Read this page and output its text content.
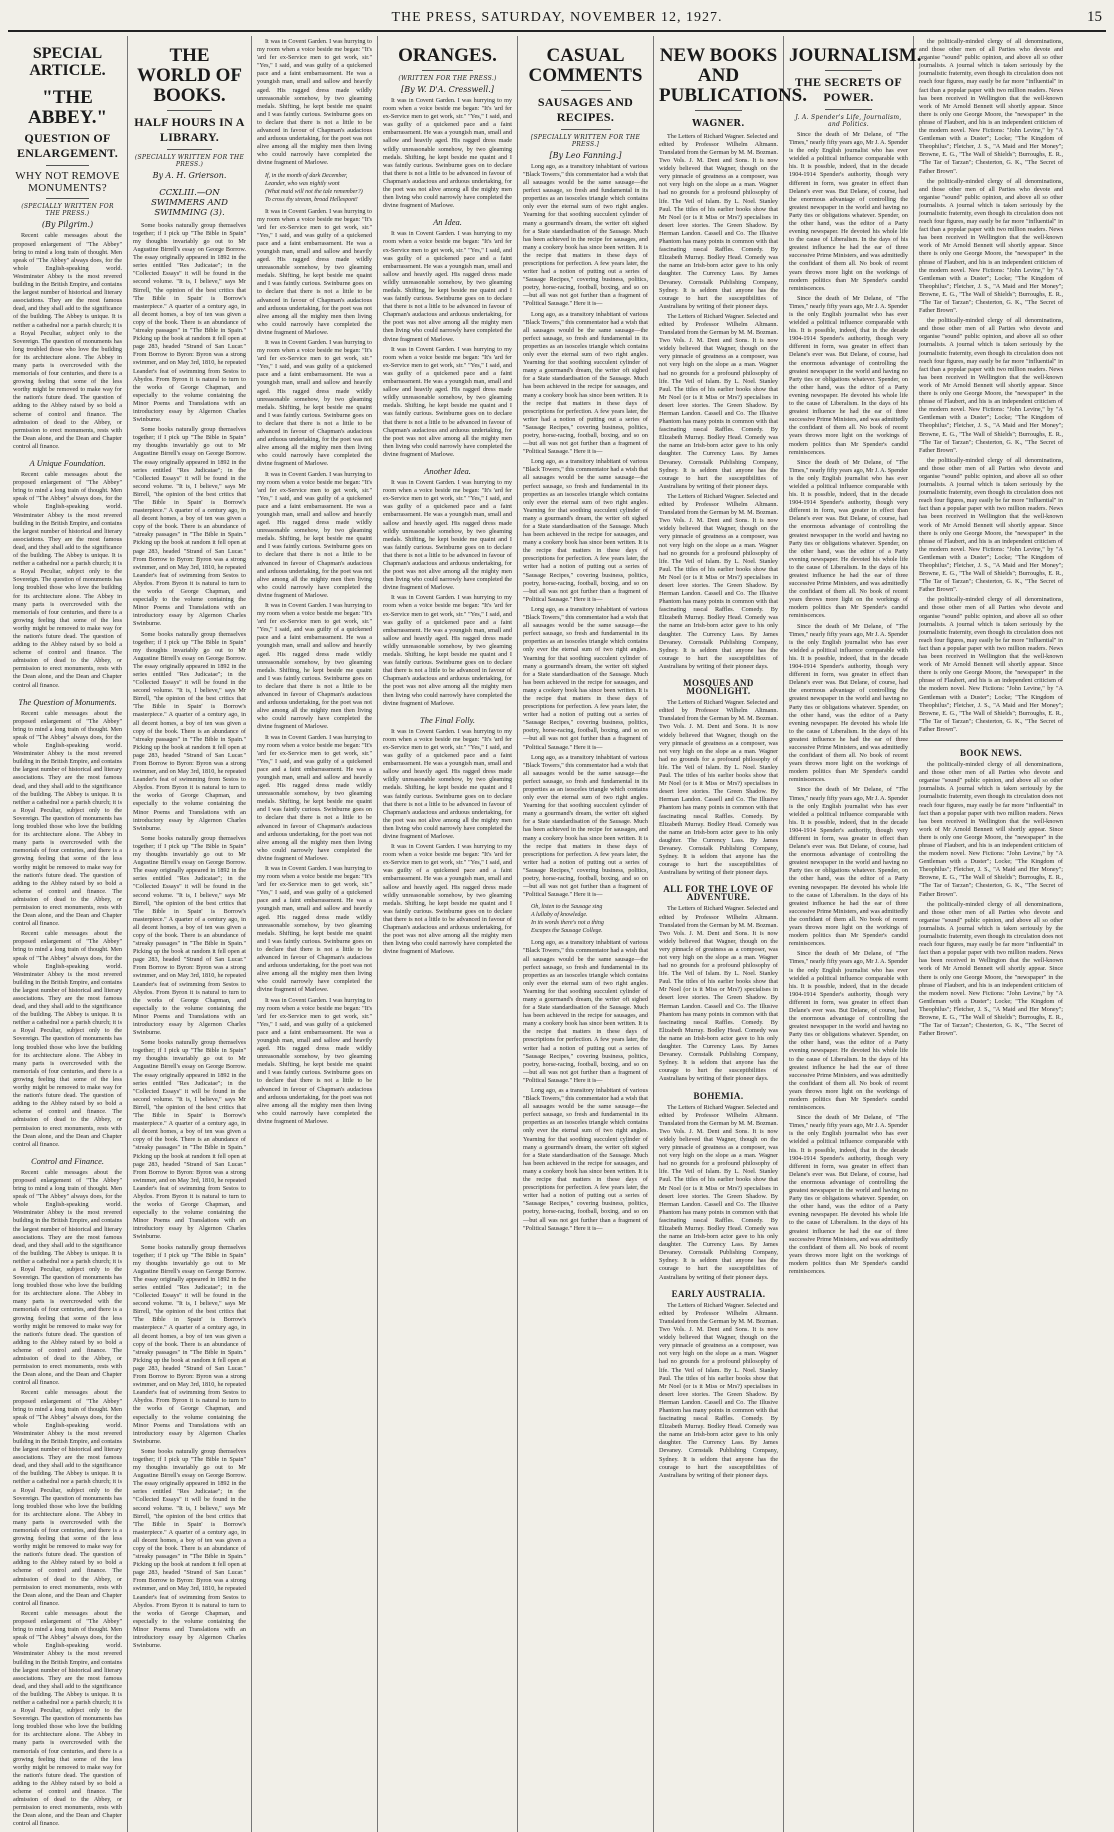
THE PRESS, SATURDAY, NOVEMBER 12, 1927.	15
SPECIAL ARTICLE.
"THE ABBEY."
QUESTION OF ENLARGEMENT.
WHY NOT REMOVE MONUMENTS?
(SPECIALLY WRITTEN FOR THE PRESS.)
(By Pilgrim.)

Recent cable messages about the proposed enlargement of "The Abbey" bring to mind a long train of thought. Men speak of "The Abbey" always does, for the whole English-speaking world. Westminster Abbey is the most revered building in the British Empire, and contains the largest number of historical and literary associations. They are the most famous dead, and they shall add to the significance of the building. The Abbey is unique. It is neither a cathedral nor a parish church; it is a Royal Peculiar, subject only to the Sovereign. The question of monuments has long troubled those who love the building for its architecture alone. The Abbey in many parts is overcrowded with the memorials of four centuries, and there is a growing feeling that some of the less worthy might be removed to make way for the nation's future dead. The question of adding to the Abbey raised by so bold a scheme of control and finance. The admission of dead to the Abbey, or permission to erect monuments, rests with the Dean alone, and the Dean and Chapter control all finance.

A Unique Foundation.

Recent cable messages about the proposed enlargement of "The Abbey" bring to mind a long train of thought. Men speak of "The Abbey" always does, for the whole English-speaking world. Westminster Abbey is the most revered building in the British Empire, and contains the largest number of historical and literary associations. They are the most famous dead, and they shall add to the significance of the building. The Abbey is unique. It is neither a cathedral nor a parish church; it is a Royal Peculiar, subject only to the Sovereign. The question of monuments has long troubled those who love the building for its architecture alone. The Abbey in many parts is overcrowded with the memorials of four centuries, and there is a growing feeling that some of the less worthy might be removed to make way for the nation's future dead. The question of adding to the Abbey raised by so bold a scheme of control and finance. The admission of dead to the Abbey, or permission to erect monuments, rests with the Dean alone, and the Dean and Chapter control all finance.

The Question of Monuments.

Recent cable messages about the proposed enlargement of "The Abbey" bring to mind a long train of thought. Men speak of "The Abbey" always does, for the whole English-speaking world. Westminster Abbey is the most revered building in the British Empire, and contains the largest number of historical and literary associations. They are the most famous dead, and they shall add to the significance of the building. The Abbey is unique. It is neither a cathedral nor a parish church; it is a Royal Peculiar, subject only to the Sovereign. The question of monuments has long troubled those who love the building for its architecture alone. The Abbey in many parts is overcrowded with the memorials of four centuries, and there is a growing feeling that some of the less worthy might be removed to make way for the nation's future dead. The question of adding to the Abbey raised by so bold a scheme of control and finance. The admission of dead to the Abbey, or permission to erect monuments, rests with the Dean alone, and the Dean and Chapter control all finance.

Recent cable messages about the proposed enlargement of "The Abbey" bring to mind a long train of thought. Men speak of "The Abbey" always does, for the whole English-speaking world. Westminster Abbey is the most revered building in the British Empire, and contains the largest number of historical and literary associations. They are the most famous dead, and they shall add to the significance of the building. The Abbey is unique. It is neither a cathedral nor a parish church; it is a Royal Peculiar, subject only to the Sovereign. The question of monuments has long troubled those who love the building for its architecture alone. The Abbey in many parts is overcrowded with the memorials of four centuries, and there is a growing feeling that some of the less worthy might be removed to make way for the nation's future dead. The question of adding to the Abbey raised by so bold a scheme of control and finance. The admission of dead to the Abbey, or permission to erect monuments, rests with the Dean alone, and the Dean and Chapter control all finance.

Control and Finance.

Recent cable messages about the proposed enlargement of "The Abbey" bring to mind a long train of thought. Men speak of "The Abbey" always does, for the whole English-speaking world. Westminster Abbey is the most revered building in the British Empire, and contains the largest number of historical and literary associations. They are the most famous dead, and they shall add to the significance of the building. The Abbey is unique. It is neither a cathedral nor a parish church; it is a Royal Peculiar, subject only to the Sovereign. The question of monuments has long troubled those who love the building for its architecture alone. The Abbey in many parts is overcrowded with the memorials of four centuries, and there is a growing feeling that some of the less worthy might be removed to make way for the nation's future dead. The question of adding to the Abbey raised by so bold a scheme of control and finance. The admission of dead to the Abbey, or permission to erect monuments, rests with the Dean alone, and the Dean and Chapter control all finance.

Recent cable messages about the proposed enlargement of "The Abbey" bring to mind a long train of thought. Men speak of "The Abbey" always does, for the whole English-speaking world. Westminster Abbey is the most revered building in the British Empire, and contains the largest number of historical and literary associations. They are the most famous dead, and they shall add to the significance of the building. The Abbey is unique. It is neither a cathedral nor a parish church; it is a Royal Peculiar, subject only to the Sovereign. The question of monuments has long troubled those who love the building for its architecture alone. The Abbey in many parts is overcrowded with the memorials of four centuries, and there is a growing feeling that some of the less worthy might be removed to make way for the nation's future dead. The question of adding to the Abbey raised by so bold a scheme of control and finance. The admission of dead to the Abbey, or permission to erect monuments, rests with the Dean alone, and the Dean and Chapter control all finance.

Recent cable messages about the proposed enlargement of "The Abbey" bring to mind a long train of thought. Men speak of "The Abbey" always does, for the whole English-speaking world. Westminster Abbey is the most revered building in the British Empire, and contains the largest number of historical and literary associations. They are the most famous dead, and they shall add to the significance of the building. The Abbey is unique. It is neither a cathedral nor a parish church; it is a Royal Peculiar, subject only to the Sovereign. The question of monuments has long troubled those who love the building for its architecture alone. The Abbey in many parts is overcrowded with the memorials of four centuries, and there is a growing feeling that some of the less worthy might be removed to make way for the nation's future dead. The question of adding to the Abbey raised by so bold a scheme of control and finance. The admission of dead to the Abbey, or permission to erect monuments, rests with the Dean alone, and the Dean and Chapter control all finance.

THE WORLD OF BOOKS.
HALF HOURS IN A LIBRARY.
(SPECIALLY WRITTEN FOR THE PRESS.)
By A. H. Grierson.
CCXLIII.—ON SWIMMERS AND SWIMMING (3).

Some books naturally group themselves together; if I pick up "The Bible in Spain" my thoughts invariably go out to Mr Augustine Birrell's essay on George Borrow. The essay originally appeared in 1892 in the series entitled "Res Judicatae"; in the "Collected Essays" it will be found in the second volume. "It is, I believe," says Mr Birrell, "the opinion of the best critics that 'The Bible in Spain' is Borrow's masterpiece." A quarter of a century ago, in all decent homes, a boy of ten was given a copy of the book. There is an abundance of "streaky passages" in "The Bible in Spain." Picking up the book at random it fell open at page 283, headed "Strand of San Lucar." From Borrow to Byron: Byron was a strong swimmer, and on May 3rd, 1810, he repeated Leander's feat of swimming from Sestos to Abydos. From Byron it is natural to turn to the works of George Chapman, and especially to the volume containing the Minor Poems and Translations with an introductory essay by Algernon Charles Swinburne.

Some books naturally group themselves together; if I pick up "The Bible in Spain" my thoughts invariably go out to Mr Augustine Birrell's essay on George Borrow. The essay originally appeared in 1892 in the series entitled "Res Judicatae"; in the "Collected Essays" it will be found in the second volume. "It is, I believe," says Mr Birrell, "the opinion of the best critics that 'The Bible in Spain' is Borrow's masterpiece." A quarter of a century ago, in all decent homes, a boy of ten was given a copy of the book. There is an abundance of "streaky passages" in "The Bible in Spain." Picking up the book at random it fell open at page 283, headed "Strand of San Lucar." From Borrow to Byron: Byron was a strong swimmer, and on May 3rd, 1810, he repeated Leander's feat of swimming from Sestos to Abydos. From Byron it is natural to turn to the works of George Chapman, and especially to the volume containing the Minor Poems and Translations with an introductory essay by Algernon Charles Swinburne.

Some books naturally group themselves together; if I pick up "The Bible in Spain" my thoughts invariably go out to Mr Augustine Birrell's essay on George Borrow. The essay originally appeared in 1892 in the series entitled "Res Judicatae"; in the "Collected Essays" it will be found in the second volume. "It is, I believe," says Mr Birrell, "the opinion of the best critics that 'The Bible in Spain' is Borrow's masterpiece." A quarter of a century ago, in all decent homes, a boy of ten was given a copy of the book. There is an abundance of "streaky passages" in "The Bible in Spain." Picking up the book at random it fell open at page 283, headed "Strand of San Lucar." From Borrow to Byron: Byron was a strong swimmer, and on May 3rd, 1810, he repeated Leander's feat of swimming from Sestos to Abydos. From Byron it is natural to turn to the works of George Chapman, and especially to the volume containing the Minor Poems and Translations with an introductory essay by Algernon Charles Swinburne.

Some books naturally group themselves together; if I pick up "The Bible in Spain" my thoughts invariably go out to Mr Augustine Birrell's essay on George Borrow. The essay originally appeared in 1892 in the series entitled "Res Judicatae"; in the "Collected Essays" it will be found in the second volume. "It is, I believe," says Mr Birrell, "the opinion of the best critics that 'The Bible in Spain' is Borrow's masterpiece." A quarter of a century ago, in all decent homes, a boy of ten was given a copy of the book. There is an abundance of "streaky passages" in "The Bible in Spain." Picking up the book at random it fell open at page 283, headed "Strand of San Lucar." From Borrow to Byron: Byron was a strong swimmer, and on May 3rd, 1810, he repeated Leander's feat of swimming from Sestos to Abydos. From Byron it is natural to turn to the works of George Chapman, and especially to the volume containing the Minor Poems and Translations with an introductory essay by Algernon Charles Swinburne.

Some books naturally group themselves together; if I pick up "The Bible in Spain" my thoughts invariably go out to Mr Augustine Birrell's essay on George Borrow. The essay originally appeared in 1892 in the series entitled "Res Judicatae"; in the "Collected Essays" it will be found in the second volume. "It is, I believe," says Mr Birrell, "the opinion of the best critics that 'The Bible in Spain' is Borrow's masterpiece." A quarter of a century ago, in all decent homes, a boy of ten was given a copy of the book. There is an abundance of "streaky passages" in "The Bible in Spain." Picking up the book at random it fell open at page 283, headed "Strand of San Lucar." From Borrow to Byron: Byron was a strong swimmer, and on May 3rd, 1810, he repeated Leander's feat of swimming from Sestos to Abydos. From Byron it is natural to turn to the works of George Chapman, and especially to the volume containing the Minor Poems and Translations with an introductory essay by Algernon Charles Swinburne.

Some books naturally group themselves together; if I pick up "The Bible in Spain" my thoughts invariably go out to Mr Augustine Birrell's essay on George Borrow. The essay originally appeared in 1892 in the series entitled "Res Judicatae"; in the "Collected Essays" it will be found in the second volume. "It is, I believe," says Mr Birrell, "the opinion of the best critics that 'The Bible in Spain' is Borrow's masterpiece." A quarter of a century ago, in all decent homes, a boy of ten was given a copy of the book. There is an abundance of "streaky passages" in "The Bible in Spain." Picking up the book at random it fell open at page 283, headed "Strand of San Lucar." From Borrow to Byron: Byron was a strong swimmer, and on May 3rd, 1810, he repeated Leander's feat of swimming from Sestos to Abydos. From Byron it is natural to turn to the works of George Chapman, and especially to the volume containing the Minor Poems and Translations with an introductory essay by Algernon Charles Swinburne.

Some books naturally group themselves together; if I pick up "The Bible in Spain" my thoughts invariably go out to Mr Augustine Birrell's essay on George Borrow. The essay originally appeared in 1892 in the series entitled "Res Judicatae"; in the "Collected Essays" it will be found in the second volume. "It is, I believe," says Mr Birrell, "the opinion of the best critics that 'The Bible in Spain' is Borrow's masterpiece." A quarter of a century ago, in all decent homes, a boy of ten was given a copy of the book. There is an abundance of "streaky passages" in "The Bible in Spain." Picking up the book at random it fell open at page 283, headed "Strand of San Lucar." From Borrow to Byron: Byron was a strong swimmer, and on May 3rd, 1810, he repeated Leander's feat of swimming from Sestos to Abydos. From Byron it is natural to turn to the works of George Chapman, and especially to the volume containing the Minor Poems and Translations with an introductory essay by Algernon Charles Swinburne.

It was in Covent Garden. I was hurrying to my room when a voice beside me began: "It's 'ard fer ex-Service men to get work, sir." "Yes," I said, and was guilty of a quickened pace and a faint embarrassment. He was a youngish man, small and sallow and heavily aged. His ragged dress made wildly unreasonable somehow, by two gleaming medals. Shifting, he kept beside me quaint and I was faintly curious. Swinburne goes on to declare that there is not a little to be advanced in favour of Chapman's audacious and arduous undertaking, for the poet was not alive among all the mighty men then living who could narrowly have completed the divine fragment of Marlowe.

If, in the month of dark December,
Leander, who was nightly wont
(What maid will not the tale remember?)
To cross thy stream, broad Hellespont!

It was in Covent Garden. I was hurrying to my room when a voice beside me began: "It's 'ard fer ex-Service men to get work, sir." "Yes," I said, and was guilty of a quickened pace and a faint embarrassment. He was a youngish man, small and sallow and heavily aged. His ragged dress made wildly unreasonable somehow, by two gleaming medals. Shifting, he kept beside me quaint and I was faintly curious. Swinburne goes on to declare that there is not a little to be advanced in favour of Chapman's audacious and arduous undertaking, for the poet was not alive among all the mighty men then living who could narrowly have completed the divine fragment of Marlowe.

It was in Covent Garden. I was hurrying to my room when a voice beside me began: "It's 'ard fer ex-Service men to get work, sir." "Yes," I said, and was guilty of a quickened pace and a faint embarrassment. He was a youngish man, small and sallow and heavily aged. His ragged dress made wildly unreasonable somehow, by two gleaming medals. Shifting, he kept beside me quaint and I was faintly curious. Swinburne goes on to declare that there is not a little to be advanced in favour of Chapman's audacious and arduous undertaking, for the poet was not alive among all the mighty men then living who could narrowly have completed the divine fragment of Marlowe.

It was in Covent Garden. I was hurrying to my room when a voice beside me began: "It's 'ard fer ex-Service men to get work, sir." "Yes," I said, and was guilty of a quickened pace and a faint embarrassment. He was a youngish man, small and sallow and heavily aged. His ragged dress made wildly unreasonable somehow, by two gleaming medals. Shifting, he kept beside me quaint and I was faintly curious. Swinburne goes on to declare that there is not a little to be advanced in favour of Chapman's audacious and arduous undertaking, for the poet was not alive among all the mighty men then living who could narrowly have completed the divine fragment of Marlowe.

It was in Covent Garden. I was hurrying to my room when a voice beside me began: "It's 'ard fer ex-Service men to get work, sir." "Yes," I said, and was guilty of a quickened pace and a faint embarrassment. He was a youngish man, small and sallow and heavily aged. His ragged dress made wildly unreasonable somehow, by two gleaming medals. Shifting, he kept beside me quaint and I was faintly curious. Swinburne goes on to declare that there is not a little to be advanced in favour of Chapman's audacious and arduous undertaking, for the poet was not alive among all the mighty men then living who could narrowly have completed the divine fragment of Marlowe.

It was in Covent Garden. I was hurrying to my room when a voice beside me began: "It's 'ard fer ex-Service men to get work, sir." "Yes," I said, and was guilty of a quickened pace and a faint embarrassment. He was a youngish man, small and sallow and heavily aged. His ragged dress made wildly unreasonable somehow, by two gleaming medals. Shifting, he kept beside me quaint and I was faintly curious. Swinburne goes on to declare that there is not a little to be advanced in favour of Chapman's audacious and arduous undertaking, for the poet was not alive among all the mighty men then living who could narrowly have completed the divine fragment of Marlowe.

It was in Covent Garden. I was hurrying to my room when a voice beside me began: "It's 'ard fer ex-Service men to get work, sir." "Yes," I said, and was guilty of a quickened pace and a faint embarrassment. He was a youngish man, small and sallow and heavily aged. His ragged dress made wildly unreasonable somehow, by two gleaming medals. Shifting, he kept beside me quaint and I was faintly curious. Swinburne goes on to declare that there is not a little to be advanced in favour of Chapman's audacious and arduous undertaking, for the poet was not alive among all the mighty men then living who could narrowly have completed the divine fragment of Marlowe.

It was in Covent Garden. I was hurrying to my room when a voice beside me began: "It's 'ard fer ex-Service men to get work, sir." "Yes," I said, and was guilty of a quickened pace and a faint embarrassment. He was a youngish man, small and sallow and heavily aged. His ragged dress made wildly unreasonable somehow, by two gleaming medals. Shifting, he kept beside me quaint and I was faintly curious. Swinburne goes on to declare that there is not a little to be advanced in favour of Chapman's audacious and arduous undertaking, for the poet was not alive among all the mighty men then living who could narrowly have completed the divine fragment of Marlowe.

ORANGES.
(WRITTEN FOR THE PRESS.)
[By W. D'A. Cresswell.]

It was in Covent Garden. I was hurrying to my room when a voice beside me began: "It's 'ard fer ex-Service men to get work, sir." "Yes," I said, and was guilty of a quickened pace and a faint embarrassment. He was a youngish man, small and sallow and heavily aged. His ragged dress made wildly unreasonable somehow, by two gleaming medals. Shifting, he kept beside me quaint and I was faintly curious. Swinburne goes on to declare that there is not a little to be advanced in favour of Chapman's audacious and arduous undertaking, for the poet was not alive among all the mighty men then living who could narrowly have completed the divine fragment of Marlowe.

An Idea.

It was in Covent Garden. I was hurrying to my room when a voice beside me began: "It's 'ard fer ex-Service men to get work, sir." "Yes," I said, and was guilty of a quickened pace and a faint embarrassment. He was a youngish man, small and sallow and heavily aged. His ragged dress made wildly unreasonable somehow, by two gleaming medals. Shifting, he kept beside me quaint and I was faintly curious. Swinburne goes on to declare that there is not a little to be advanced in favour of Chapman's audacious and arduous undertaking, for the poet was not alive among all the mighty men then living who could narrowly have completed the divine fragment of Marlowe.

It was in Covent Garden. I was hurrying to my room when a voice beside me began: "It's 'ard fer ex-Service men to get work, sir." "Yes," I said, and was guilty of a quickened pace and a faint embarrassment. He was a youngish man, small and sallow and heavily aged. His ragged dress made wildly unreasonable somehow, by two gleaming medals. Shifting, he kept beside me quaint and I was faintly curious. Swinburne goes on to declare that there is not a little to be advanced in favour of Chapman's audacious and arduous undertaking, for the poet was not alive among all the mighty men then living who could narrowly have completed the divine fragment of Marlowe.

Another Idea.

It was in Covent Garden. I was hurrying to my room when a voice beside me began: "It's 'ard fer ex-Service men to get work, sir." "Yes," I said, and was guilty of a quickened pace and a faint embarrassment. He was a youngish man, small and sallow and heavily aged. His ragged dress made wildly unreasonable somehow, by two gleaming medals. Shifting, he kept beside me quaint and I was faintly curious. Swinburne goes on to declare that there is not a little to be advanced in favour of Chapman's audacious and arduous undertaking, for the poet was not alive among all the mighty men then living who could narrowly have completed the divine fragment of Marlowe.

It was in Covent Garden. I was hurrying to my room when a voice beside me began: "It's 'ard fer ex-Service men to get work, sir." "Yes," I said, and was guilty of a quickened pace and a faint embarrassment. He was a youngish man, small and sallow and heavily aged. His ragged dress made wildly unreasonable somehow, by two gleaming medals. Shifting, he kept beside me quaint and I was faintly curious. Swinburne goes on to declare that there is not a little to be advanced in favour of Chapman's audacious and arduous undertaking, for the poet was not alive among all the mighty men then living who could narrowly have completed the divine fragment of Marlowe.

The Final Folly.

It was in Covent Garden. I was hurrying to my room when a voice beside me began: "It's 'ard fer ex-Service men to get work, sir." "Yes," I said, and was guilty of a quickened pace and a faint embarrassment. He was a youngish man, small and sallow and heavily aged. His ragged dress made wildly unreasonable somehow, by two gleaming medals. Shifting, he kept beside me quaint and I was faintly curious. Swinburne goes on to declare that there is not a little to be advanced in favour of Chapman's audacious and arduous undertaking, for the poet was not alive among all the mighty men then living who could narrowly have completed the divine fragment of Marlowe.

It was in Covent Garden. I was hurrying to my room when a voice beside me began: "It's 'ard fer ex-Service men to get work, sir." "Yes," I said, and was guilty of a quickened pace and a faint embarrassment. He was a youngish man, small and sallow and heavily aged. His ragged dress made wildly unreasonable somehow, by two gleaming medals. Shifting, he kept beside me quaint and I was faintly curious. Swinburne goes on to declare that there is not a little to be advanced in favour of Chapman's audacious and arduous undertaking, for the poet was not alive among all the mighty men then living who could narrowly have completed the divine fragment of Marlowe.

CASUAL COMMENTS
SAUSAGES AND RECIPES.
[SPECIALLY WRITTEN FOR THE PRESS.]
[By Leo Fanning.]

Long ago, as a transitory inhabitant of various "Black Towers," this commentator had a wish that all sausages would be the same sausage—the perfect sausage, so fresh and fundamental in its properties as an isosceles triangle which contains only ever the eternal sum of two right angles. Yearning for that soothing succulent cylinder of many a gourmand's dream, the writer oft sighed for a State standardisation of the Sausage. Much has been achieved in the recipe for sausages, and many a cookery book has since been written. It is the recipe that matters in these days of prescriptions for perfection. A few years later, the writer had a notion of putting out a series of "Sausage Recipes," covering business, politics, poetry, horse-racing, football, boxing, and so on—but all was not got further than a fragment of "Political Sausage." Here it is—

Long ago, as a transitory inhabitant of various "Black Towers," this commentator had a wish that all sausages would be the same sausage—the perfect sausage, so fresh and fundamental in its properties as an isosceles triangle which contains only ever the eternal sum of two right angles. Yearning for that soothing succulent cylinder of many a gourmand's dream, the writer oft sighed for a State standardisation of the Sausage. Much has been achieved in the recipe for sausages, and many a cookery book has since been written. It is the recipe that matters in these days of prescriptions for perfection. A few years later, the writer had a notion of putting out a series of "Sausage Recipes," covering business, politics, poetry, horse-racing, football, boxing, and so on—but all was not got further than a fragment of "Political Sausage." Here it is—

Long ago, as a transitory inhabitant of various "Black Towers," this commentator had a wish that all sausages would be the same sausage—the perfect sausage, so fresh and fundamental in its properties as an isosceles triangle which contains only ever the eternal sum of two right angles. Yearning for that soothing succulent cylinder of many a gourmand's dream, the writer oft sighed for a State standardisation of the Sausage. Much has been achieved in the recipe for sausages, and many a cookery book has since been written. It is the recipe that matters in these days of prescriptions for perfection. A few years later, the writer had a notion of putting out a series of "Sausage Recipes," covering business, politics, poetry, horse-racing, football, boxing, and so on—but all was not got further than a fragment of "Political Sausage." Here it is—

Long ago, as a transitory inhabitant of various "Black Towers," this commentator had a wish that all sausages would be the same sausage—the perfect sausage, so fresh and fundamental in its properties as an isosceles triangle which contains only ever the eternal sum of two right angles. Yearning for that soothing succulent cylinder of many a gourmand's dream, the writer oft sighed for a State standardisation of the Sausage. Much has been achieved in the recipe for sausages, and many a cookery book has since been written. It is the recipe that matters in these days of prescriptions for perfection. A few years later, the writer had a notion of putting out a series of "Sausage Recipes," covering business, politics, poetry, horse-racing, football, boxing, and so on—but all was not got further than a fragment of "Political Sausage." Here it is—

Long ago, as a transitory inhabitant of various "Black Towers," this commentator had a wish that all sausages would be the same sausage—the perfect sausage, so fresh and fundamental in its properties as an isosceles triangle which contains only ever the eternal sum of two right angles. Yearning for that soothing succulent cylinder of many a gourmand's dream, the writer oft sighed for a State standardisation of the Sausage. Much has been achieved in the recipe for sausages, and many a cookery book has since been written. It is the recipe that matters in these days of prescriptions for perfection. A few years later, the writer had a notion of putting out a series of "Sausage Recipes," covering business, politics, poetry, horse-racing, football, boxing, and so on—but all was not got further than a fragment of "Political Sausage." Here it is—

Oh, listen to the Sausage sing
A lullaby of knowledge.
In its words there's not a thing
Escapes the Sausage College.

Long ago, as a transitory inhabitant of various "Black Towers," this commentator had a wish that all sausages would be the same sausage—the perfect sausage, so fresh and fundamental in its properties as an isosceles triangle which contains only ever the eternal sum of two right angles. Yearning for that soothing succulent cylinder of many a gourmand's dream, the writer oft sighed for a State standardisation of the Sausage. Much has been achieved in the recipe for sausages, and many a cookery book has since been written. It is the recipe that matters in these days of prescriptions for perfection. A few years later, the writer had a notion of putting out a series of "Sausage Recipes," covering business, politics, poetry, horse-racing, football, boxing, and so on—but all was not got further than a fragment of "Political Sausage." Here it is—

Long ago, as a transitory inhabitant of various "Black Towers," this commentator had a wish that all sausages would be the same sausage—the perfect sausage, so fresh and fundamental in its properties as an isosceles triangle which contains only ever the eternal sum of two right angles. Yearning for that soothing succulent cylinder of many a gourmand's dream, the writer oft sighed for a State standardisation of the Sausage. Much has been achieved in the recipe for sausages, and many a cookery book has since been written. It is the recipe that matters in these days of prescriptions for perfection. A few years later, the writer had a notion of putting out a series of "Sausage Recipes," covering business, politics, poetry, horse-racing, football, boxing, and so on—but all was not got further than a fragment of "Political Sausage." Here it is—

NEW BOOKS AND PUBLICATIONS.
WAGNER.

The Letters of Richard Wagner. Selected and edited by Professor Wilhelm Altmann. Translated from the German by M. M. Bozman. Two Vols. J. M. Dent and Sons. It is now widely believed that Wagner, though on the very pinnacle of greatness as a composer, was not very high on the slope as a man. Wagner had no grounds for a profound philosophy of life. The Veil of Islam. By L. Noel. Stanley Paul. The titles of his earlier books show that Mr Noel (or is it Miss or Mrs?) specialises in desert love stories. The Green Shadow. By Herman Landon. Cassell and Co. The Illusive Phantom has many points in common with that fascinating rascal Raffles. Comedy. By Elizabeth Murray. Bodley Head. Comedy was the name an Irish-born actor gave to his only daughter. The Currency Lass. By James Devaney. Cornstalk Publishing Company, Sydney. It is seldom that anyone has the courage to hurt the susceptibilities of Australians by writing of their pioneer days.

The Letters of Richard Wagner. Selected and edited by Professor Wilhelm Altmann. Translated from the German by M. M. Bozman. Two Vols. J. M. Dent and Sons. It is now widely believed that Wagner, though on the very pinnacle of greatness as a composer, was not very high on the slope as a man. Wagner had no grounds for a profound philosophy of life. The Veil of Islam. By L. Noel. Stanley Paul. The titles of his earlier books show that Mr Noel (or is it Miss or Mrs?) specialises in desert love stories. The Green Shadow. By Herman Landon. Cassell and Co. The Illusive Phantom has many points in common with that fascinating rascal Raffles. Comedy. By Elizabeth Murray. Bodley Head. Comedy was the name an Irish-born actor gave to his only daughter. The Currency Lass. By James Devaney. Cornstalk Publishing Company, Sydney. It is seldom that anyone has the courage to hurt the susceptibilities of Australians by writing of their pioneer days.

The Letters of Richard Wagner. Selected and edited by Professor Wilhelm Altmann. Translated from the German by M. M. Bozman. Two Vols. J. M. Dent and Sons. It is now widely believed that Wagner, though on the very pinnacle of greatness as a composer, was not very high on the slope as a man. Wagner had no grounds for a profound philosophy of life. The Veil of Islam. By L. Noel. Stanley Paul. The titles of his earlier books show that Mr Noel (or is it Miss or Mrs?) specialises in desert love stories. The Green Shadow. By Herman Landon. Cassell and Co. The Illusive Phantom has many points in common with that fascinating rascal Raffles. Comedy. By Elizabeth Murray. Bodley Head. Comedy was the name an Irish-born actor gave to his only daughter. The Currency Lass. By James Devaney. Cornstalk Publishing Company, Sydney. It is seldom that anyone has the courage to hurt the susceptibilities of Australians by writing of their pioneer days.

MOSQUES AND MOONLIGHT.

The Letters of Richard Wagner. Selected and edited by Professor Wilhelm Altmann. Translated from the German by M. M. Bozman. Two Vols. J. M. Dent and Sons. It is now widely believed that Wagner, though on the very pinnacle of greatness as a composer, was not very high on the slope as a man. Wagner had no grounds for a profound philosophy of life. The Veil of Islam. By L. Noel. Stanley Paul. The titles of his earlier books show that Mr Noel (or is it Miss or Mrs?) specialises in desert love stories. The Green Shadow. By Herman Landon. Cassell and Co. The Illusive Phantom has many points in common with that fascinating rascal Raffles. Comedy. By Elizabeth Murray. Bodley Head. Comedy was the name an Irish-born actor gave to his only daughter. The Currency Lass. By James Devaney. Cornstalk Publishing Company, Sydney. It is seldom that anyone has the courage to hurt the susceptibilities of Australians by writing of their pioneer days.

ALL FOR THE LOVE OF ADVENTURE.

The Letters of Richard Wagner. Selected and edited by Professor Wilhelm Altmann. Translated from the German by M. M. Bozman. Two Vols. J. M. Dent and Sons. It is now widely believed that Wagner, though on the very pinnacle of greatness as a composer, was not very high on the slope as a man. Wagner had no grounds for a profound philosophy of life. The Veil of Islam. By L. Noel. Stanley Paul. The titles of his earlier books show that Mr Noel (or is it Miss or Mrs?) specialises in desert love stories. The Green Shadow. By Herman Landon. Cassell and Co. The Illusive Phantom has many points in common with that fascinating rascal Raffles. Comedy. By Elizabeth Murray. Bodley Head. Comedy was the name an Irish-born actor gave to his only daughter. The Currency Lass. By James Devaney. Cornstalk Publishing Company, Sydney. It is seldom that anyone has the courage to hurt the susceptibilities of Australians by writing of their pioneer days.

BOHEMIA.

The Letters of Richard Wagner. Selected and edited by Professor Wilhelm Altmann. Translated from the German by M. M. Bozman. Two Vols. J. M. Dent and Sons. It is now widely believed that Wagner, though on the very pinnacle of greatness as a composer, was not very high on the slope as a man. Wagner had no grounds for a profound philosophy of life. The Veil of Islam. By L. Noel. Stanley Paul. The titles of his earlier books show that Mr Noel (or is it Miss or Mrs?) specialises in desert love stories. The Green Shadow. By Herman Landon. Cassell and Co. The Illusive Phantom has many points in common with that fascinating rascal Raffles. Comedy. By Elizabeth Murray. Bodley Head. Comedy was the name an Irish-born actor gave to his only daughter. The Currency Lass. By James Devaney. Cornstalk Publishing Company, Sydney. It is seldom that anyone has the courage to hurt the susceptibilities of Australians by writing of their pioneer days.

EARLY AUSTRALIA.

The Letters of Richard Wagner. Selected and edited by Professor Wilhelm Altmann. Translated from the German by M. M. Bozman. Two Vols. J. M. Dent and Sons. It is now widely believed that Wagner, though on the very pinnacle of greatness as a composer, was not very high on the slope as a man. Wagner had no grounds for a profound philosophy of life. The Veil of Islam. By L. Noel. Stanley Paul. The titles of his earlier books show that Mr Noel (or is it Miss or Mrs?) specialises in desert love stories. The Green Shadow. By Herman Landon. Cassell and Co. The Illusive Phantom has many points in common with that fascinating rascal Raffles. Comedy. By Elizabeth Murray. Bodley Head. Comedy was the name an Irish-born actor gave to his only daughter. The Currency Lass. By James Devaney. Cornstalk Publishing Company, Sydney. It is seldom that anyone has the courage to hurt the susceptibilities of Australians by writing of their pioneer days.

JOURNALISM.
THE SECRETS OF POWER.
J. A. Spender's Life, Journalism, and Politics.

Since the death of Mr Delane, of "The Times," nearly fifty years ago, Mr J. A. Spender is the only English journalist who has ever wielded a political influence comparable with his. It is possible, indeed, that in the decade 1904-1914 Spender's authority, though very different in form, was greater in effect than Delane's ever was. But Delane, of course, had the enormous advantage of controlling the greatest newspaper in the world and having no Party ties or obligations whatever. Spender, on the other hand, was the editor of a Party evening newspaper. He devoted his whole life to the cause of Liberalism. In the days of his greatest influence he had the ear of three successive Prime Ministers, and was admittedly the confidant of them all. No book of recent years throws more light on the workings of modern politics than Mr Spender's candid reminiscences.

Since the death of Mr Delane, of "The Times," nearly fifty years ago, Mr J. A. Spender is the only English journalist who has ever wielded a political influence comparable with his. It is possible, indeed, that in the decade 1904-1914 Spender's authority, though very different in form, was greater in effect than Delane's ever was. But Delane, of course, had the enormous advantage of controlling the greatest newspaper in the world and having no Party ties or obligations whatever. Spender, on the other hand, was the editor of a Party evening newspaper. He devoted his whole life to the cause of Liberalism. In the days of his greatest influence he had the ear of three successive Prime Ministers, and was admittedly the confidant of them all. No book of recent years throws more light on the workings of modern politics than Mr Spender's candid reminiscences.

Since the death of Mr Delane, of "The Times," nearly fifty years ago, Mr J. A. Spender is the only English journalist who has ever wielded a political influence comparable with his. It is possible, indeed, that in the decade 1904-1914 Spender's authority, though very different in form, was greater in effect than Delane's ever was. But Delane, of course, had the enormous advantage of controlling the greatest newspaper in the world and having no Party ties or obligations whatever. Spender, on the other hand, was the editor of a Party evening newspaper. He devoted his whole life to the cause of Liberalism. In the days of his greatest influence he had the ear of three successive Prime Ministers, and was admittedly the confidant of them all. No book of recent years throws more light on the workings of modern politics than Mr Spender's candid reminiscences.

Since the death of Mr Delane, of "The Times," nearly fifty years ago, Mr J. A. Spender is the only English journalist who has ever wielded a political influence comparable with his. It is possible, indeed, that in the decade 1904-1914 Spender's authority, though very different in form, was greater in effect than Delane's ever was. But Delane, of course, had the enormous advantage of controlling the greatest newspaper in the world and having no Party ties or obligations whatever. Spender, on the other hand, was the editor of a Party evening newspaper. He devoted his whole life to the cause of Liberalism. In the days of his greatest influence he had the ear of three successive Prime Ministers, and was admittedly the confidant of them all. No book of recent years throws more light on the workings of modern politics than Mr Spender's candid reminiscences.

Since the death of Mr Delane, of "The Times," nearly fifty years ago, Mr J. A. Spender is the only English journalist who has ever wielded a political influence comparable with his. It is possible, indeed, that in the decade 1904-1914 Spender's authority, though very different in form, was greater in effect than Delane's ever was. But Delane, of course, had the enormous advantage of controlling the greatest newspaper in the world and having no Party ties or obligations whatever. Spender, on the other hand, was the editor of a Party evening newspaper. He devoted his whole life to the cause of Liberalism. In the days of his greatest influence he had the ear of three successive Prime Ministers, and was admittedly the confidant of them all. No book of recent years throws more light on the workings of modern politics than Mr Spender's candid reminiscences.

Since the death of Mr Delane, of "The Times," nearly fifty years ago, Mr J. A. Spender is the only English journalist who has ever wielded a political influence comparable with his. It is possible, indeed, that in the decade 1904-1914 Spender's authority, though very different in form, was greater in effect than Delane's ever was. But Delane, of course, had the enormous advantage of controlling the greatest newspaper in the world and having no Party ties or obligations whatever. Spender, on the other hand, was the editor of a Party evening newspaper. He devoted his whole life to the cause of Liberalism. In the days of his greatest influence he had the ear of three successive Prime Ministers, and was admittedly the confidant of them all. No book of recent years throws more light on the workings of modern politics than Mr Spender's candid reminiscences.

Since the death of Mr Delane, of "The Times," nearly fifty years ago, Mr J. A. Spender is the only English journalist who has ever wielded a political influence comparable with his. It is possible, indeed, that in the decade 1904-1914 Spender's authority, though very different in form, was greater in effect than Delane's ever was. But Delane, of course, had the enormous advantage of controlling the greatest newspaper in the world and having no Party ties or obligations whatever. Spender, on the other hand, was the editor of a Party evening newspaper. He devoted his whole life to the cause of Liberalism. In the days of his greatest influence he had the ear of three successive Prime Ministers, and was admittedly the confidant of them all. No book of recent years throws more light on the workings of modern politics than Mr Spender's candid reminiscences.

the politically-minded clergy of all denominations, and those other men of all Parties who devote and organise "sound" public opinion, and above all so other journalists. A journal which is taken seriously by the journalistic fraternity, even though its circulation does not reach four figures, may easily be far more "influential" in fact than a popular paper with two million readers. News has been received in Wellington that the well-known work of Mr Arnold Bennett will shortly appear. Since there is only one George Moore, the "newspaper" in the phrase of Flaubert, and his is an independent criticism of the modern novel. New Fictions: "John Levine," by "A Gentleman with a Duster"; Locke; "The Kingdom of Theophilus"; Fletcher, J. S., "A Maid and Her Money"; Browne, E. G., "The Wall of Shields"; Burroughs, E. R., "The Tar of Tarzan"; Chesterton, G. K., "The Secret of Father Brown".

the politically-minded clergy of all denominations, and those other men of all Parties who devote and organise "sound" public opinion, and above all so other journalists. A journal which is taken seriously by the journalistic fraternity, even though its circulation does not reach four figures, may easily be far more "influential" in fact than a popular paper with two million readers. News has been received in Wellington that the well-known work of Mr Arnold Bennett will shortly appear. Since there is only one George Moore, the "newspaper" in the phrase of Flaubert, and his is an independent criticism of the modern novel. New Fictions: "John Levine," by "A Gentleman with a Duster"; Locke; "The Kingdom of Theophilus"; Fletcher, J. S., "A Maid and Her Money"; Browne, E. G., "The Wall of Shields"; Burroughs, E. R., "The Tar of Tarzan"; Chesterton, G. K., "The Secret of Father Brown".

the politically-minded clergy of all denominations, and those other men of all Parties who devote and organise "sound" public opinion, and above all so other journalists. A journal which is taken seriously by the journalistic fraternity, even though its circulation does not reach four figures, may easily be far more "influential" in fact than a popular paper with two million readers. News has been received in Wellington that the well-known work of Mr Arnold Bennett will shortly appear. Since there is only one George Moore, the "newspaper" in the phrase of Flaubert, and his is an independent criticism of the modern novel. New Fictions: "John Levine," by "A Gentleman with a Duster"; Locke; "The Kingdom of Theophilus"; Fletcher, J. S., "A Maid and Her Money"; Browne, E. G., "The Wall of Shields"; Burroughs, E. R., "The Tar of Tarzan"; Chesterton, G. K., "The Secret of Father Brown".

the politically-minded clergy of all denominations, and those other men of all Parties who devote and organise "sound" public opinion, and above all so other journalists. A journal which is taken seriously by the journalistic fraternity, even though its circulation does not reach four figures, may easily be far more "influential" in fact than a popular paper with two million readers. News has been received in Wellington that the well-known work of Mr Arnold Bennett will shortly appear. Since there is only one George Moore, the "newspaper" in the phrase of Flaubert, and his is an independent criticism of the modern novel. New Fictions: "John Levine," by "A Gentleman with a Duster"; Locke; "The Kingdom of Theophilus"; Fletcher, J. S., "A Maid and Her Money"; Browne, E. G., "The Wall of Shields"; Burroughs, E. R., "The Tar of Tarzan"; Chesterton, G. K., "The Secret of Father Brown".

the politically-minded clergy of all denominations, and those other men of all Parties who devote and organise "sound" public opinion, and above all so other journalists. A journal which is taken seriously by the journalistic fraternity, even though its circulation does not reach four figures, may easily be far more "influential" in fact than a popular paper with two million readers. News has been received in Wellington that the well-known work of Mr Arnold Bennett will shortly appear. Since there is only one George Moore, the "newspaper" in the phrase of Flaubert, and his is an independent criticism of the modern novel. New Fictions: "John Levine," by "A Gentleman with a Duster"; Locke; "The Kingdom of Theophilus"; Fletcher, J. S., "A Maid and Her Money"; Browne, E. G., "The Wall of Shields"; Burroughs, E. R., "The Tar of Tarzan"; Chesterton, G. K., "The Secret of Father Brown".

BOOK NEWS.

the politically-minded clergy of all denominations, and those other men of all Parties who devote and organise "sound" public opinion, and above all so other journalists. A journal which is taken seriously by the journalistic fraternity, even though its circulation does not reach four figures, may easily be far more "influential" in fact than a popular paper with two million readers. News has been received in Wellington that the well-known work of Mr Arnold Bennett will shortly appear. Since there is only one George Moore, the "newspaper" in the phrase of Flaubert, and his is an independent criticism of the modern novel. New Fictions: "John Levine," by "A Gentleman with a Duster"; Locke; "The Kingdom of Theophilus"; Fletcher, J. S., "A Maid and Her Money"; Browne, E. G., "The Wall of Shields"; Burroughs, E. R., "The Tar of Tarzan"; Chesterton, G. K., "The Secret of Father Brown".

the politically-minded clergy of all denominations, and those other men of all Parties who devote and organise "sound" public opinion, and above all so other journalists. A journal which is taken seriously by the journalistic fraternity, even though its circulation does not reach four figures, may easily be far more "influential" in fact than a popular paper with two million readers. News has been received in Wellington that the well-known work of Mr Arnold Bennett will shortly appear. Since there is only one George Moore, the "newspaper" in the phrase of Flaubert, and his is an independent criticism of the modern novel. New Fictions: "John Levine," by "A Gentleman with a Duster"; Locke; "The Kingdom of Theophilus"; Fletcher, J. S., "A Maid and Her Money"; Browne, E. G., "The Wall of Shields"; Burroughs, E. R., "The Tar of Tarzan"; Chesterton, G. K., "The Secret of Father Brown".
